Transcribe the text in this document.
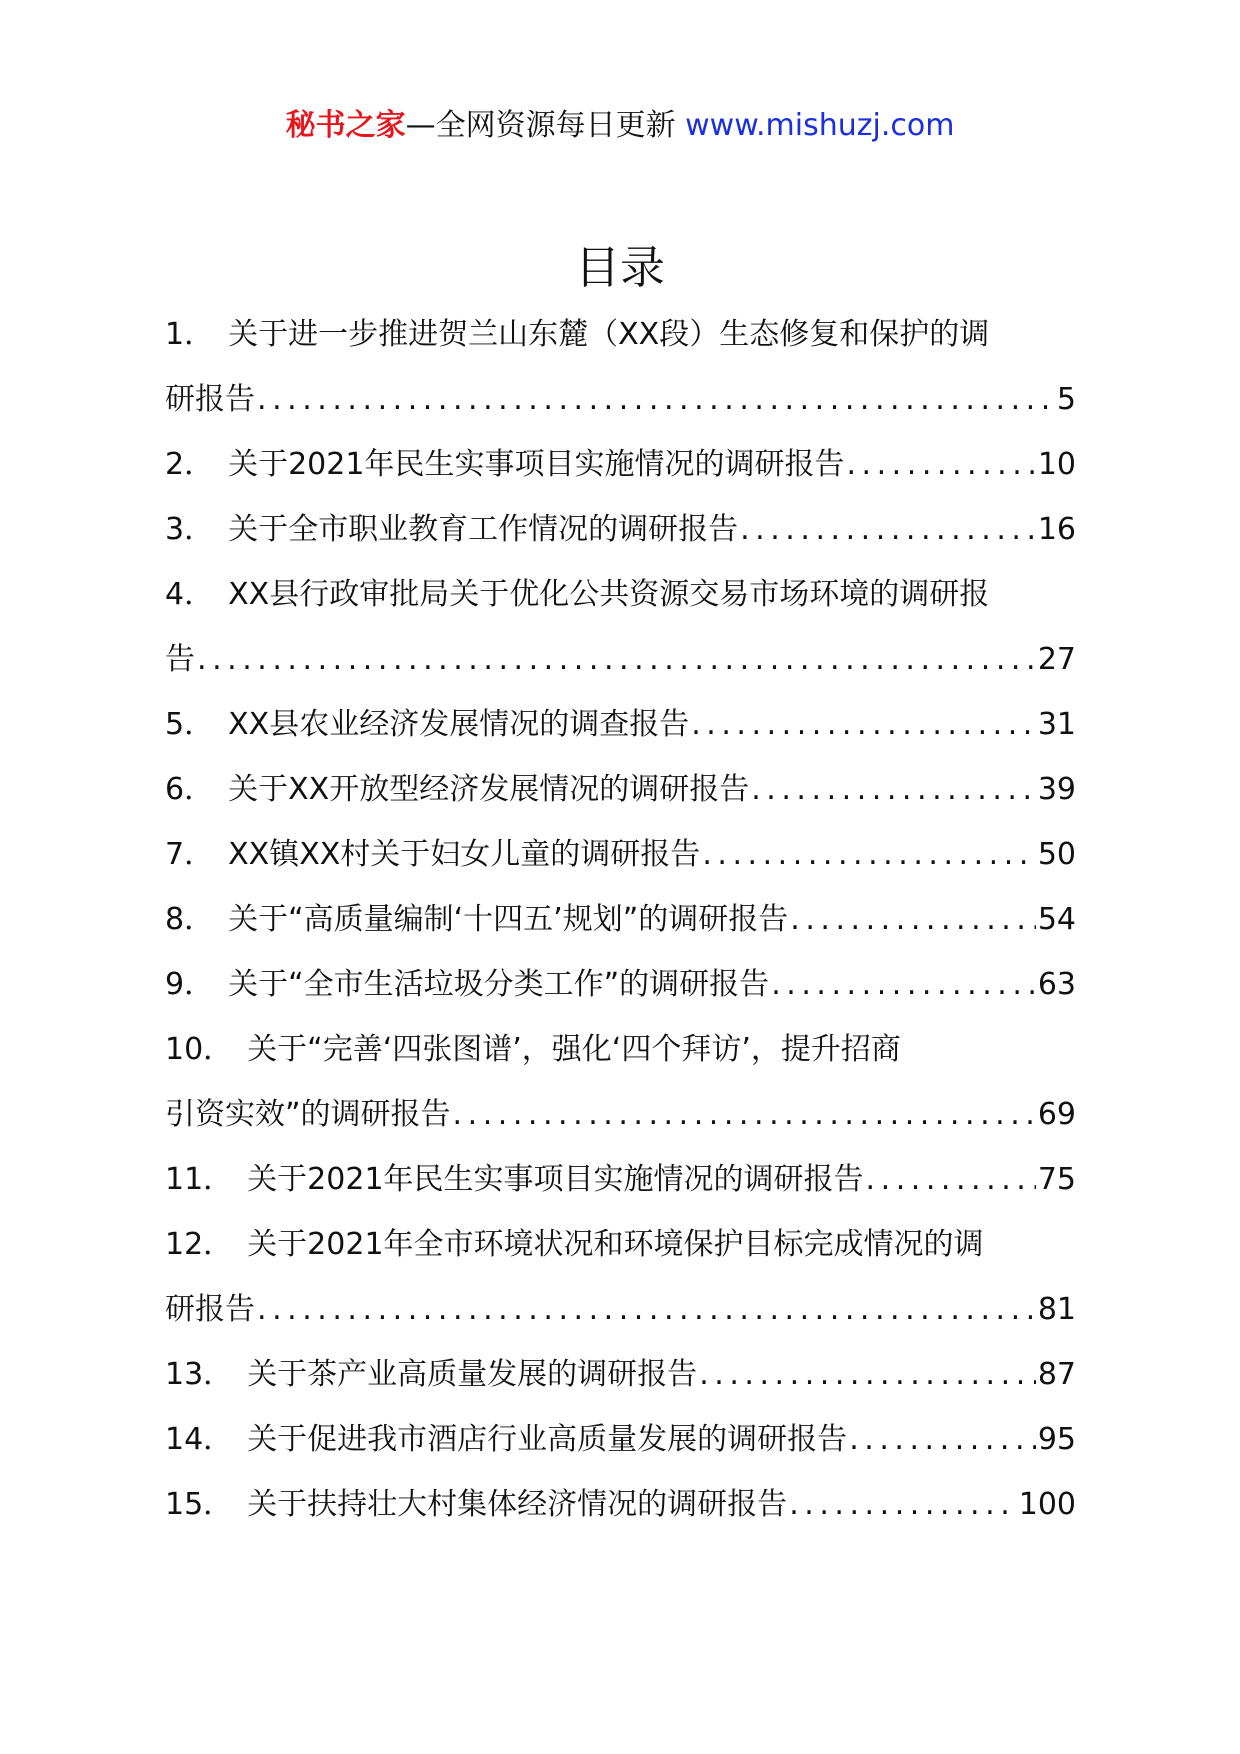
秘书之家—全网资源每日更新 www.mishuzj.com
目录
1． 关于进一步推进贺兰山东麓（XX段）生态修复和保护的调
研报告 . . .	5
2． 关于2021年民生实事项目实施情况的调研报告 . . .	10
3． 关于全市职业教育工作情况的调研报告 . . .	16
4． XX县行政审批局关于优化公共资源交易市场环境的调研报
告 . . .	27
5． XX县农业经济发展情况的调查报告 . . .	31
6． 关于XX开放型经济发展情况的调研报告 . . .	39
7． XX镇XX村关于妇女儿童的调研报告 . . .	50
8． 关于“高质量编制‘十四五’规划”的调研报告 . . .	54
9． 关于“全市生活垃圾分类工作”的调研报告 . . .	63
10． 关于“完善‘四张图谱’，强化‘四个拜访’，提升招商
引资实效”的调研报告 . . .	69
11． 关于2021年民生实事项目实施情况的调研报告 . . .	75
12． 关于2021年全市环境状况和环境保护目标完成情况的调
研报告 . . .	81
13． 关于茶产业高质量发展的调研报告 . . .	87
14． 关于促进我市酒店行业高质量发展的调研报告 . . .	95
15． 关于扶持壮大村集体经济情况的调研报告 . . .	100
